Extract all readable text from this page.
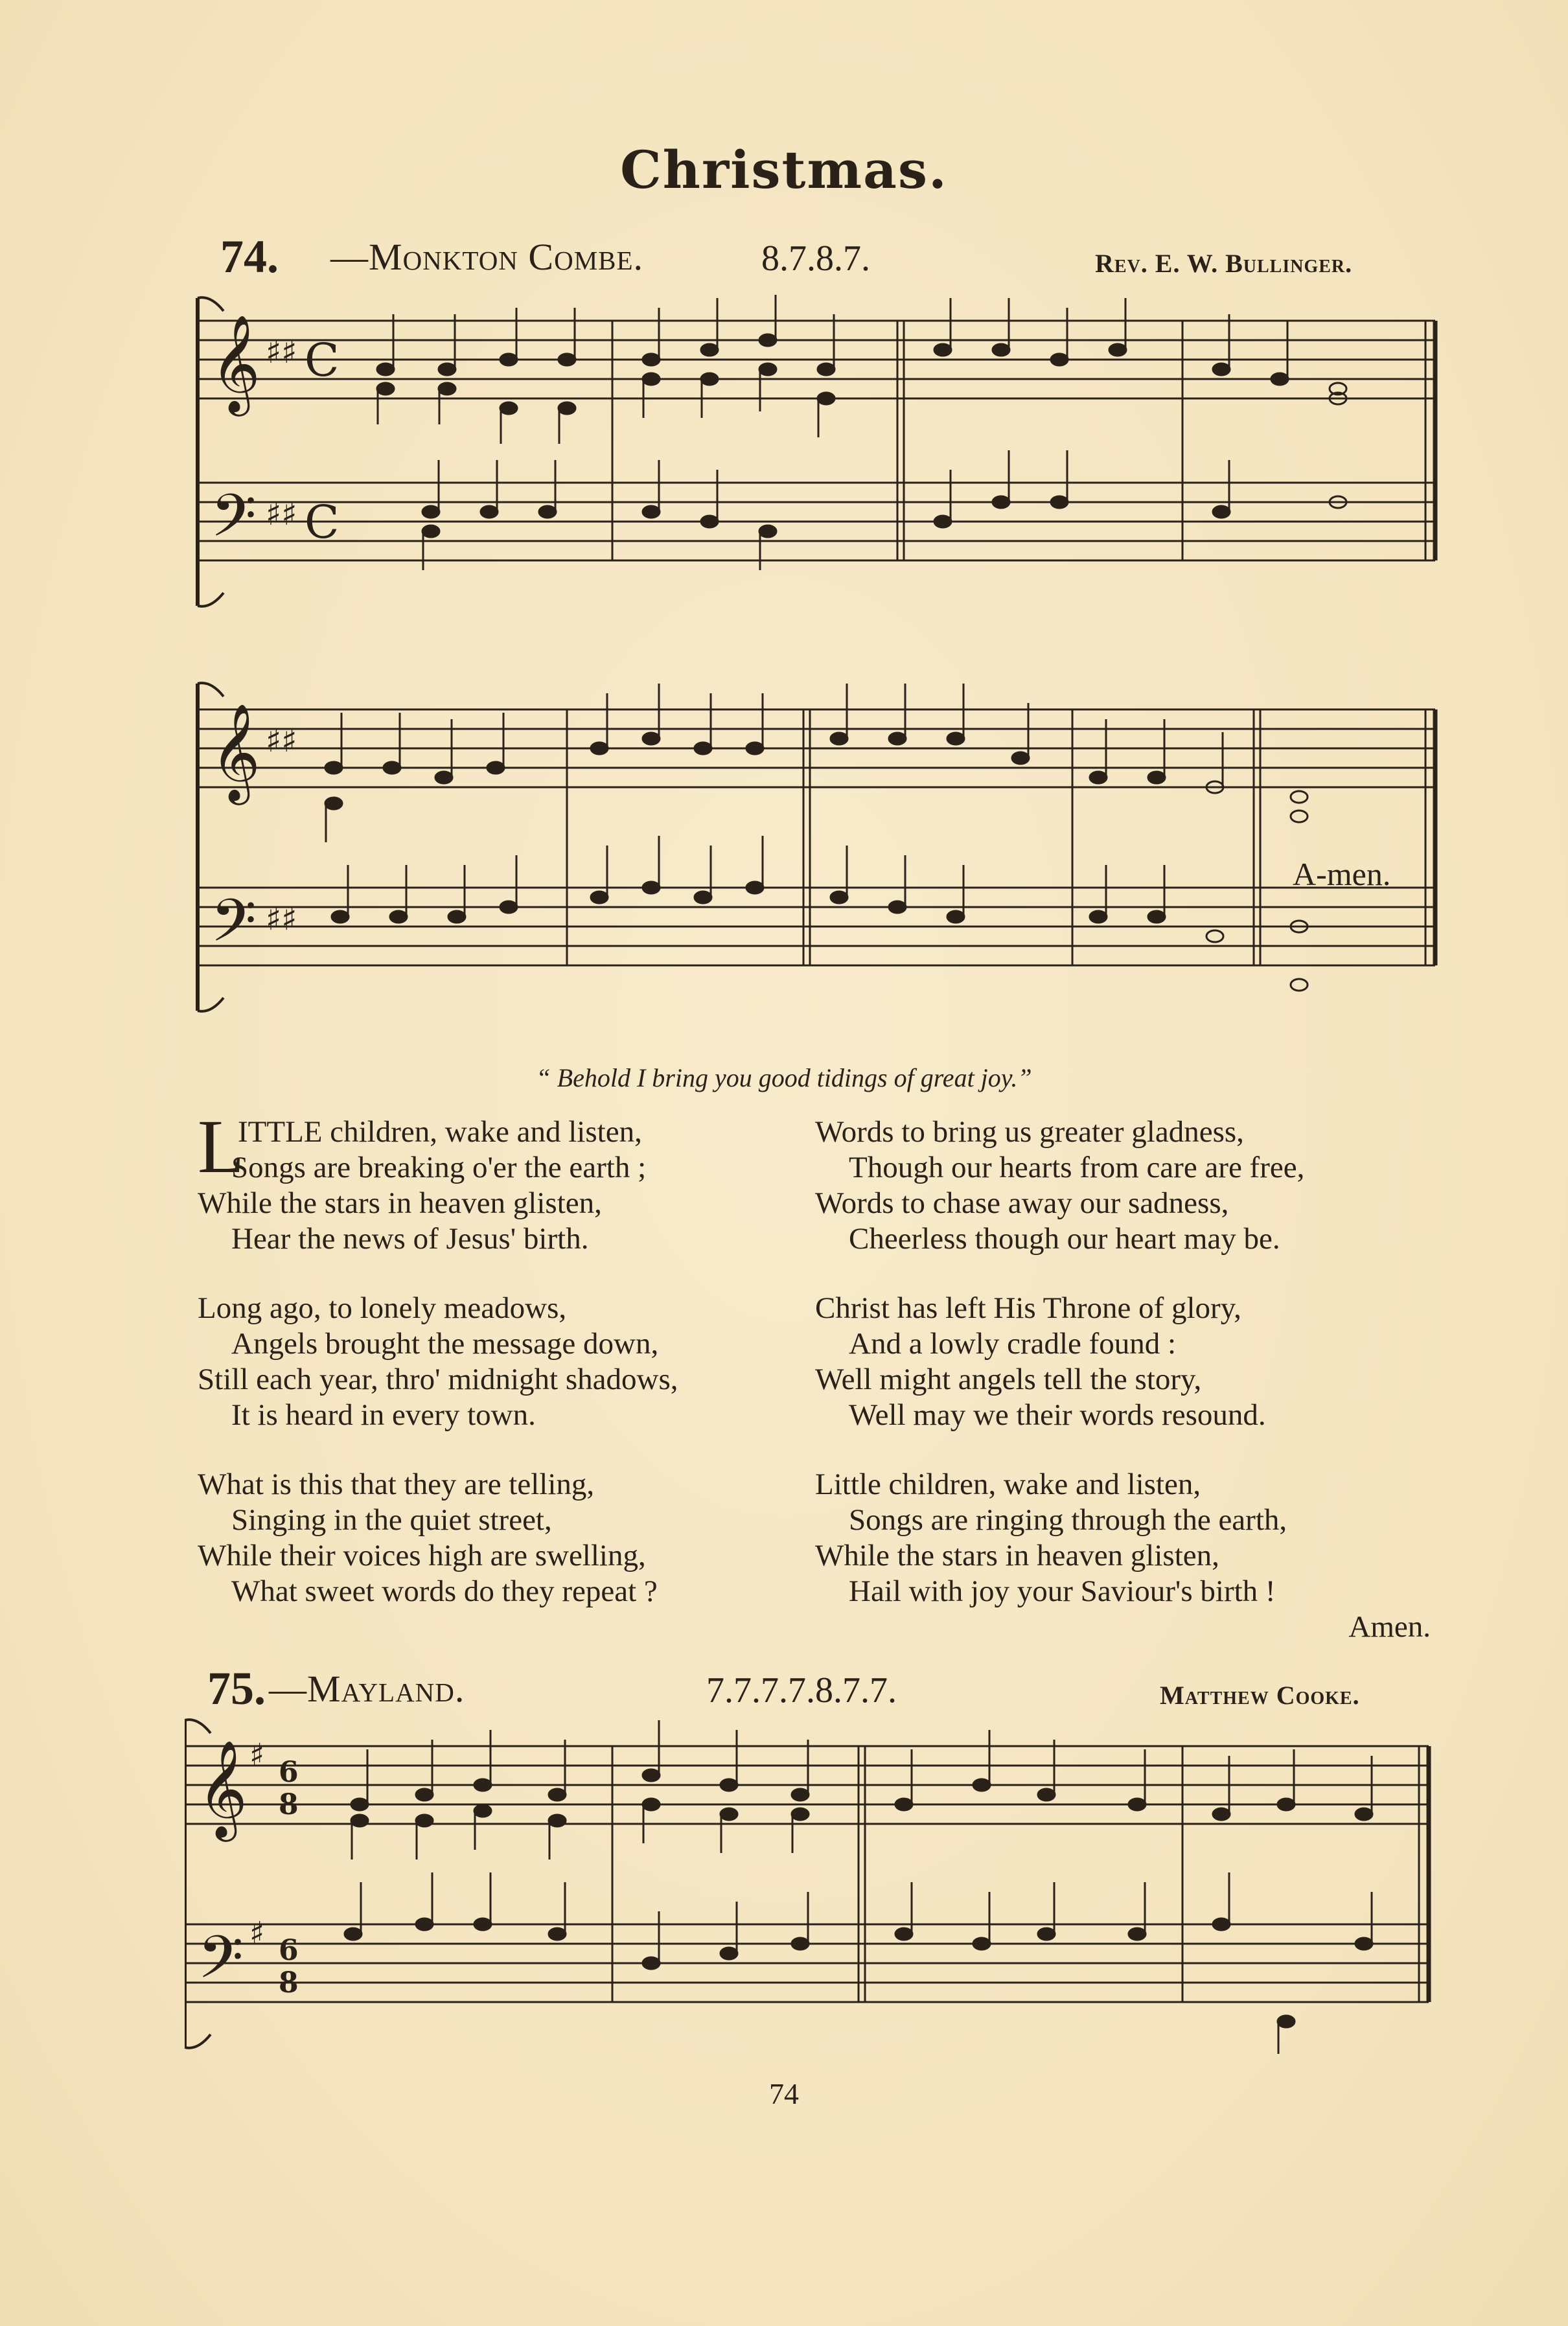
Christmas.
74. —Monkton Combe.	8.7.8.7.	Rev. E. W. Bullinger.
𝄞
𝄢
♯♯
♯♯
C
C
𝄞
𝄢
♯♯
♯♯
A-men.
“ Behold I bring you good tidings of great joy.”
L
ITTLE children, wake and listen,
Songs are breaking o'er the earth ;
While the stars in heaven glisten,
Hear the news of Jesus' birth.
Long ago, to lonely meadows,
Angels brought the message down,
Still each year, thro' midnight shadows,
It is heard in every town.
What is this that they are telling,
Singing in the quiet street,
While their voices high are swelling,
What sweet words do they repeat ?
Words to bring us greater gladness,
Though our hearts from care are free,
Words to chase away our sadness,
Cheerless though our heart may be.
Christ has left His Throne of glory,
And a lowly cradle found :
Well might angels tell the story,
Well may we their words resound.
Little children, wake and listen,
Songs are ringing through the earth,
While the stars in heaven glisten,
Hail with joy your Saviour's birth !
Amen.
75. —Mayland.	7.7.7.7.8.7.7.	Matthew Cooke.
𝄞
𝄢
♯
♯
6
8
6
8
74
